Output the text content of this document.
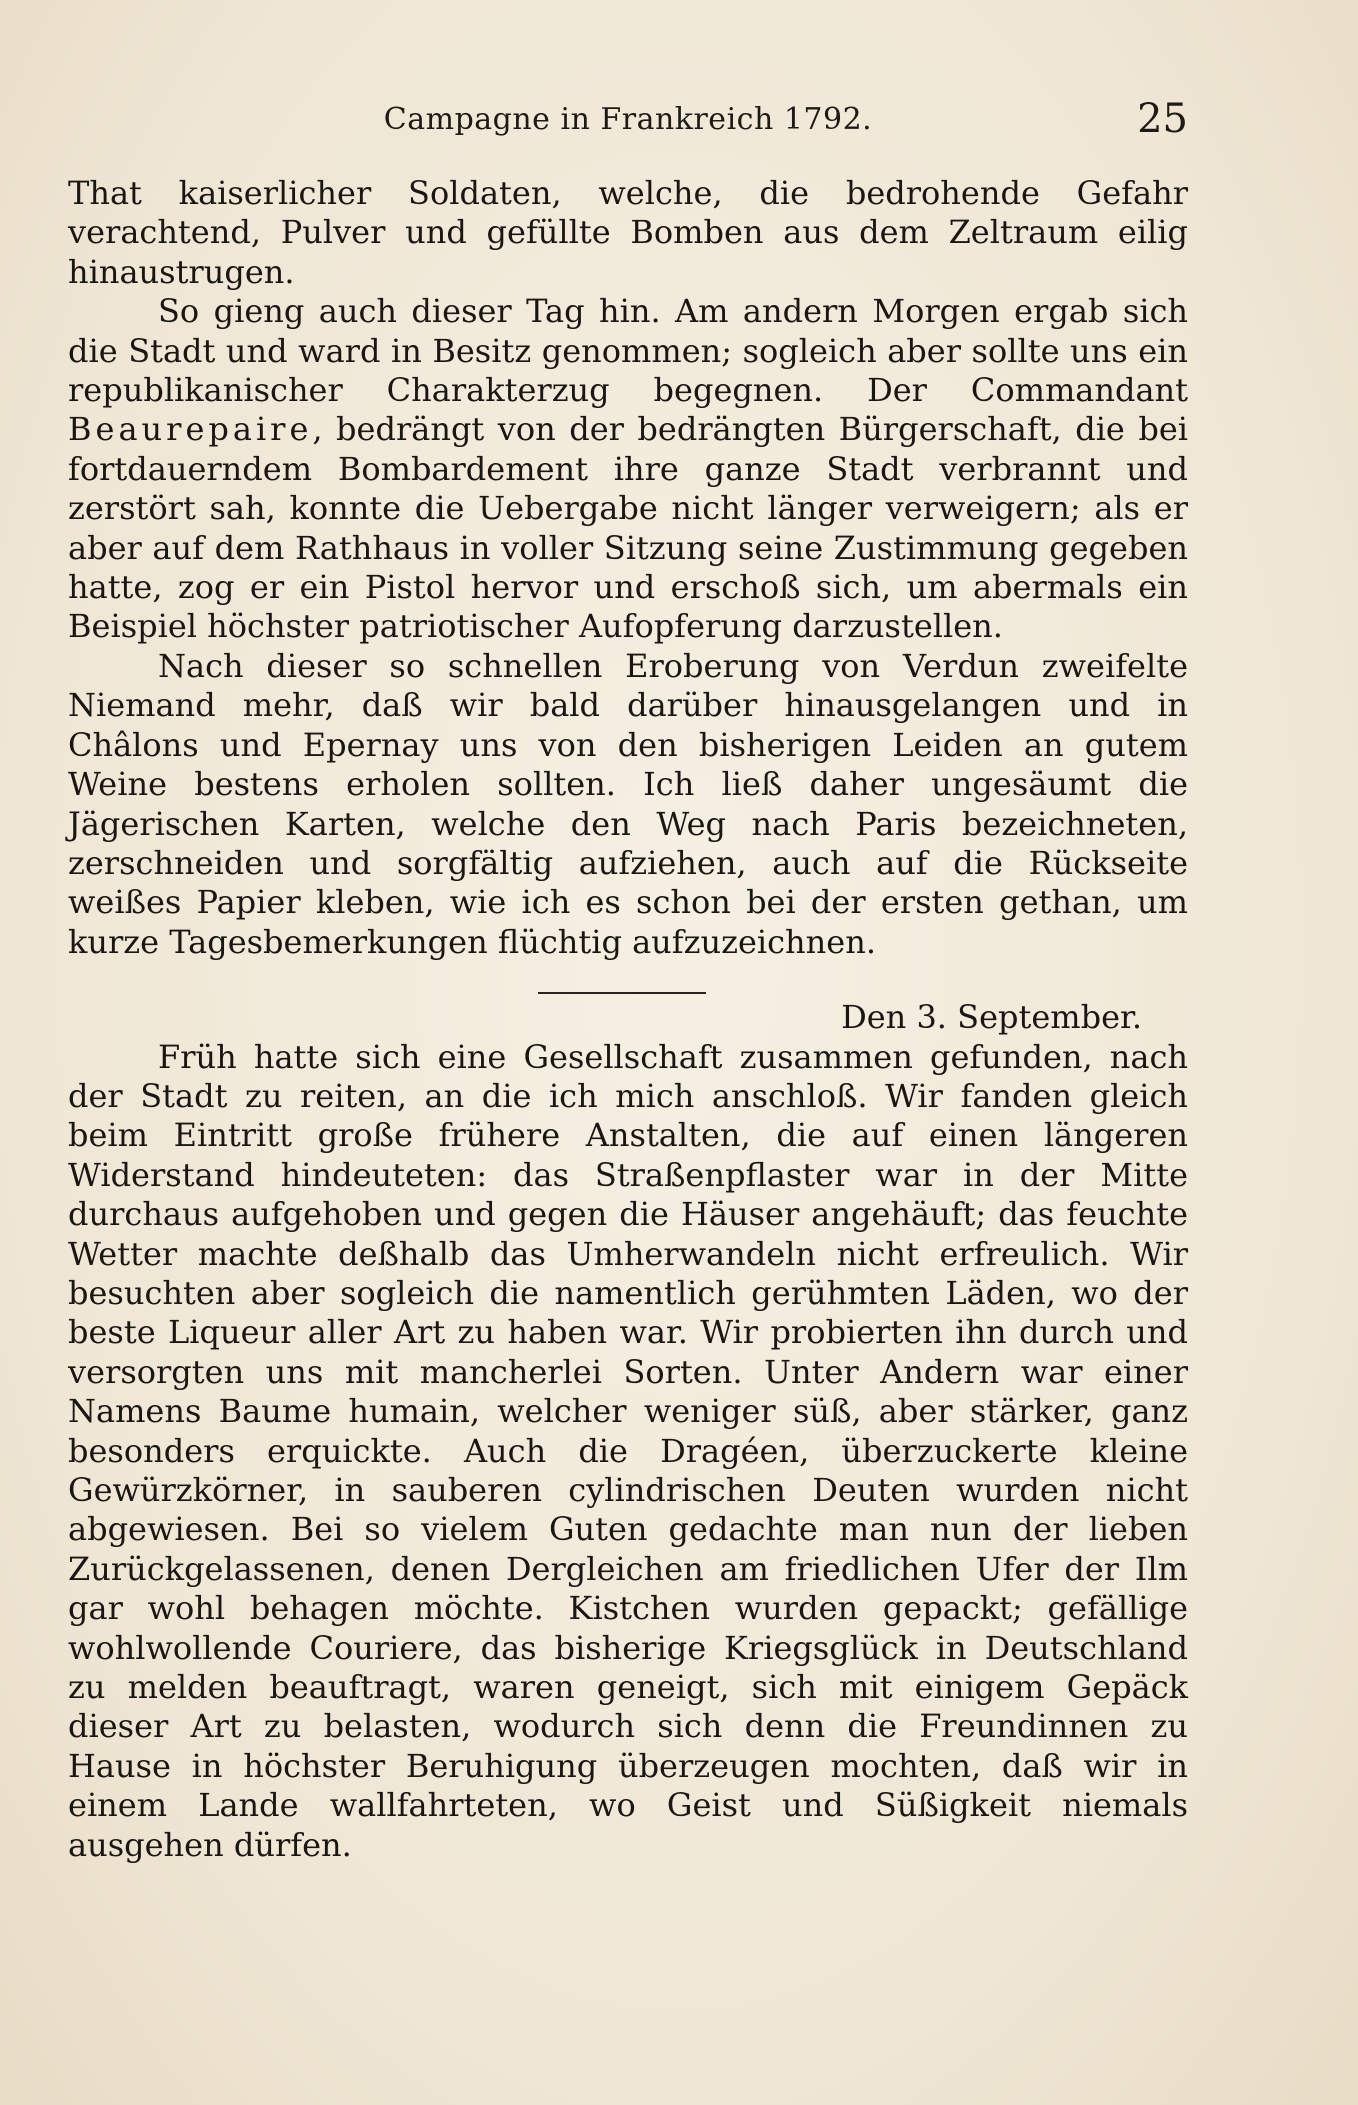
Campagne in Frankreich 1792.	25

That kaiserlicher Soldaten, welche, die bedrohende Gefahr verachtend, Pulver und gefüllte Bomben aus dem Zeltraum eilig hinaustrugen.

So gieng auch dieser Tag hin. Am andern Morgen ergab sich die Stadt und ward in Besitz genommen; sogleich aber sollte uns ein republikanischer Charakterzug begegnen. Der Commandant Beaurepaire, bedrängt von der bedrängten Bürgerschaft, die bei fortdauerndem Bombardement ihre ganze Stadt verbrannt und zerstört sah, konnte die Uebergabe nicht länger verweigern; als er aber auf dem Rathhaus in voller Sitzung seine Zustimmung gegeben hatte, zog er ein Pistol hervor und erschoß sich, um abermals ein Beispiel höchster patriotischer Aufopferung darzustellen.

Nach dieser so schnellen Eroberung von Verdun zweifelte Niemand mehr, daß wir bald darüber hinausgelangen und in Châlons und Epernay uns von den bisherigen Leiden an gutem Weine bestens erholen sollten. Ich ließ daher ungesäumt die Jägerischen Karten, welche den Weg nach Paris bezeichneten, zerschneiden und sorgfältig aufziehen, auch auf die Rückseite weißes Papier kleben, wie ich es schon bei der ersten gethan, um kurze Tagesbemerkungen flüchtig aufzuzeichnen.

Den 3. September.

Früh hatte sich eine Gesellschaft zusammen gefunden, nach der Stadt zu reiten, an die ich mich anschloß. Wir fanden gleich beim Eintritt große frühere Anstalten, die auf einen längeren Widerstand hindeuteten: das Straßenpflaster war in der Mitte durchaus aufgehoben und gegen die Häuser angehäuft; das feuchte Wetter machte deßhalb das Umherwandeln nicht erfreulich. Wir besuchten aber sogleich die namentlich gerühmten Läden, wo der beste Liqueur aller Art zu haben war. Wir probierten ihn durch und versorgten uns mit mancherlei Sorten. Unter Andern war einer Namens Baume humain, welcher weniger süß, aber stärker, ganz besonders erquickte. Auch die Dragéen, überzuckerte kleine Gewürzkörner, in sauberen cylindrischen Deuten wurden nicht abgewiesen. Bei so vielem Guten gedachte man nun der lieben Zurückgelassenen, denen Dergleichen am friedlichen Ufer der Ilm gar wohl behagen möchte. Kistchen wurden gepackt; gefällige wohlwollende Couriere, das bisherige Kriegsglück in Deutschland zu melden beauftragt, waren geneigt, sich mit einigem Gepäck dieser Art zu belasten, wodurch sich denn die Freundinnen zu Hause in höchster Beruhigung überzeugen mochten, daß wir in einem Lande wallfahrteten, wo Geist und Süßigkeit niemals ausgehen dürfen.
